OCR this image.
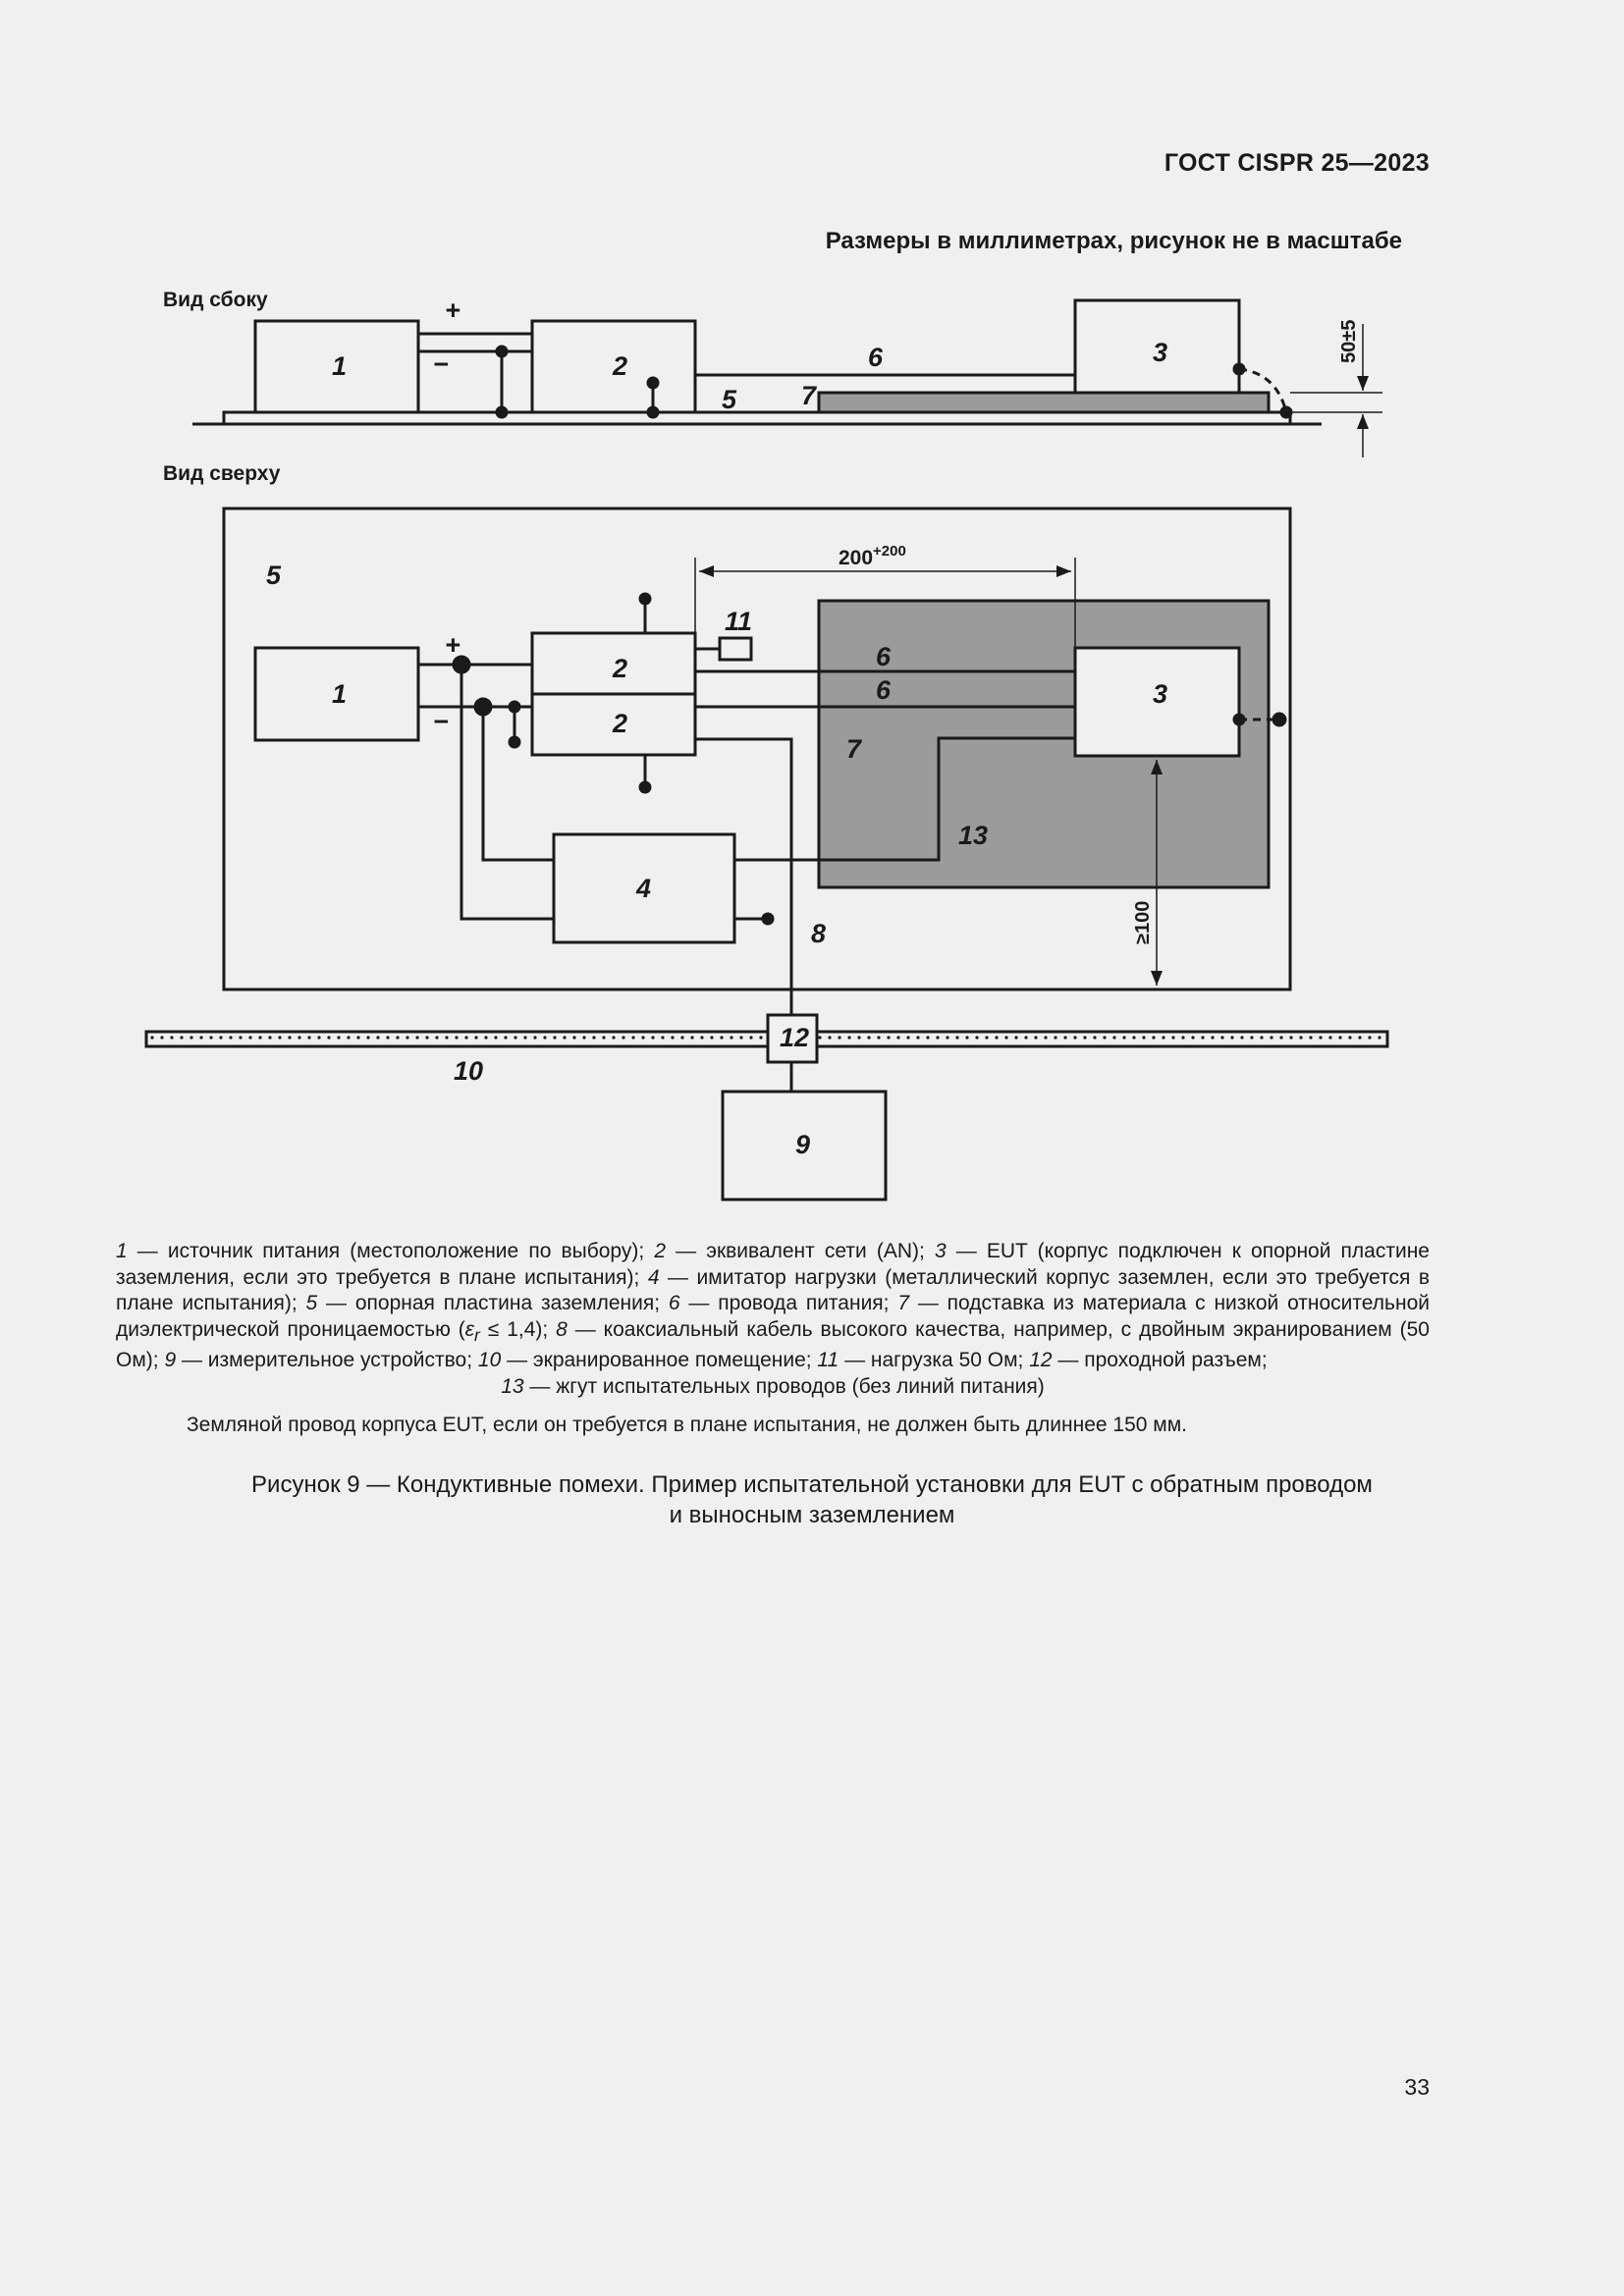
ГОСТ CISPR 25—2023
Размеры в миллиметрах, рисунок не в масштабе
Вид сбоку
50±5
+
−
1	2	3
6
5 7
Вид сверху
$200^{+200}$
≥100
5
1
2
2
3
4
6
6
7
8
11
13
+
−
10
12
9
1 — источник питания (местоположение по выбору); 2 — эквивалент сети (AN); 3 — EUT (корпус подключен к опорной пластине заземления, если это требуется в плане испытания); 4 — имитатор нагрузки (металлический корпус заземлен, если это требуется в плане испытания); 5 — опорная пластина заземления; 6 — провода питания; 7 — подставка из материала с низкой относительной диэлектрической проницаемостью $(\varepsilon_r \le 1,4)$; 8 — коаксиальный кабель высокого качества, например, с двойным экранированием (50 Ом); 9 — измерительное устройство; 10 — экранированное помещение; 11 — нагрузка 50 Ом; 12 — проходной разъем;
13 — жгут испытательных проводов (без линий питания)
Земляной провод корпуса EUT, если он требуется в плане испытания, не должен быть длиннее 150 мм.
Рисунок 9 — Кондуктивные помехи. Пример испытательной установки для EUT с обратным проводом
и выносным заземлением
33
